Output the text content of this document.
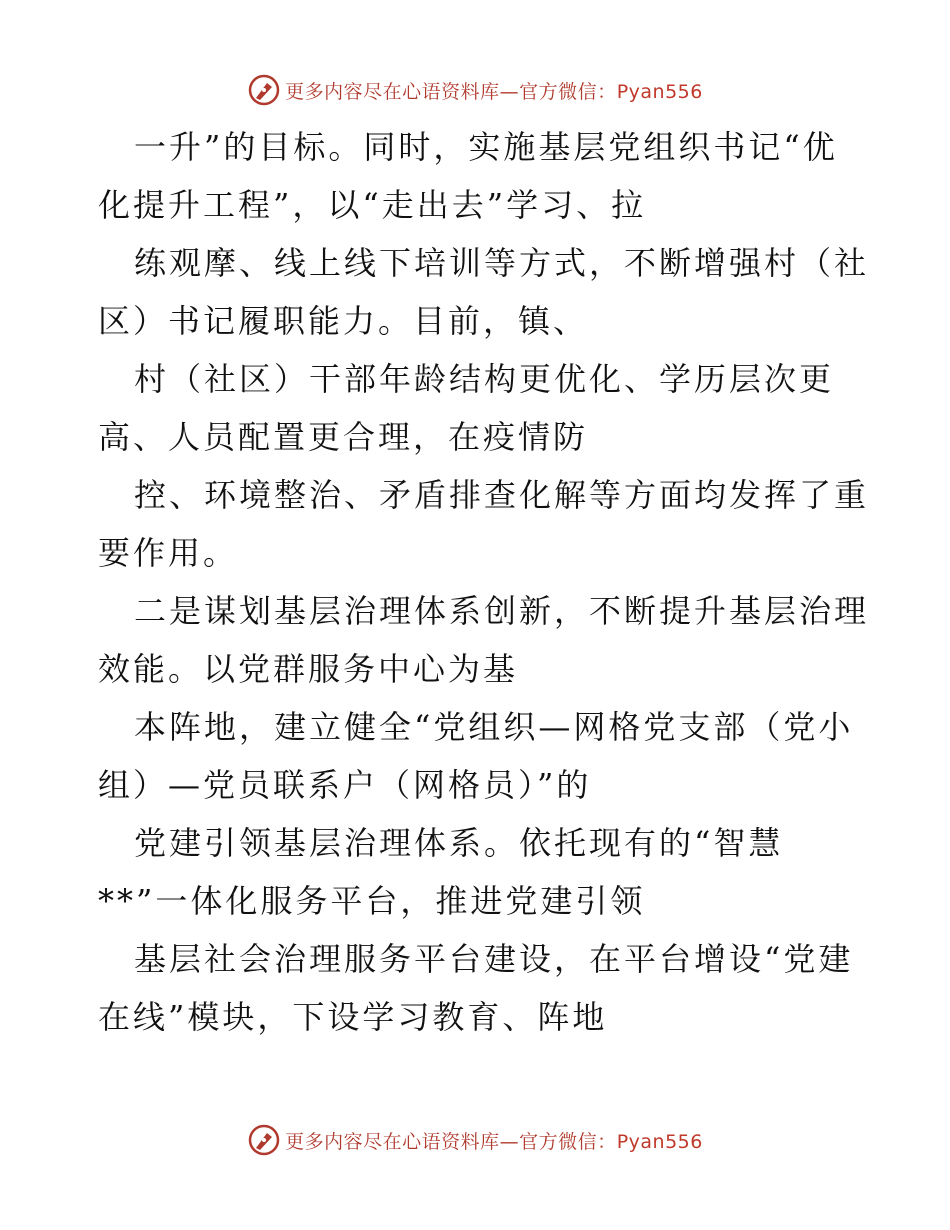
更多内容尽在心语资料库—官方微信：Pyan556
一升”的目标。同时，实施基层党组织书记“优
化提升工程”，以“走出去”学习、拉
练观摩、线上线下培训等方式，不断增强村（社
区）书记履职能力。目前，镇、
村（社区）干部年龄结构更优化、学历层次更
高、人员配置更合理，在疫情防
控、环境整治、矛盾排查化解等方面均发挥了重
要作用。
二是谋划基层治理体系创新，不断提升基层治理
效能。以党群服务中心为基
本阵地，建立健全“党组织—网格党支部（党小
组）—党员联系户（网格员）”的
党建引领基层治理体系。依托现有的“智慧
**”一体化服务平台，推进党建引领
基层社会治理服务平台建设，在平台增设“党建
在线”模块，下设学习教育、阵地
更多内容尽在心语资料库—官方微信：Pyan556
